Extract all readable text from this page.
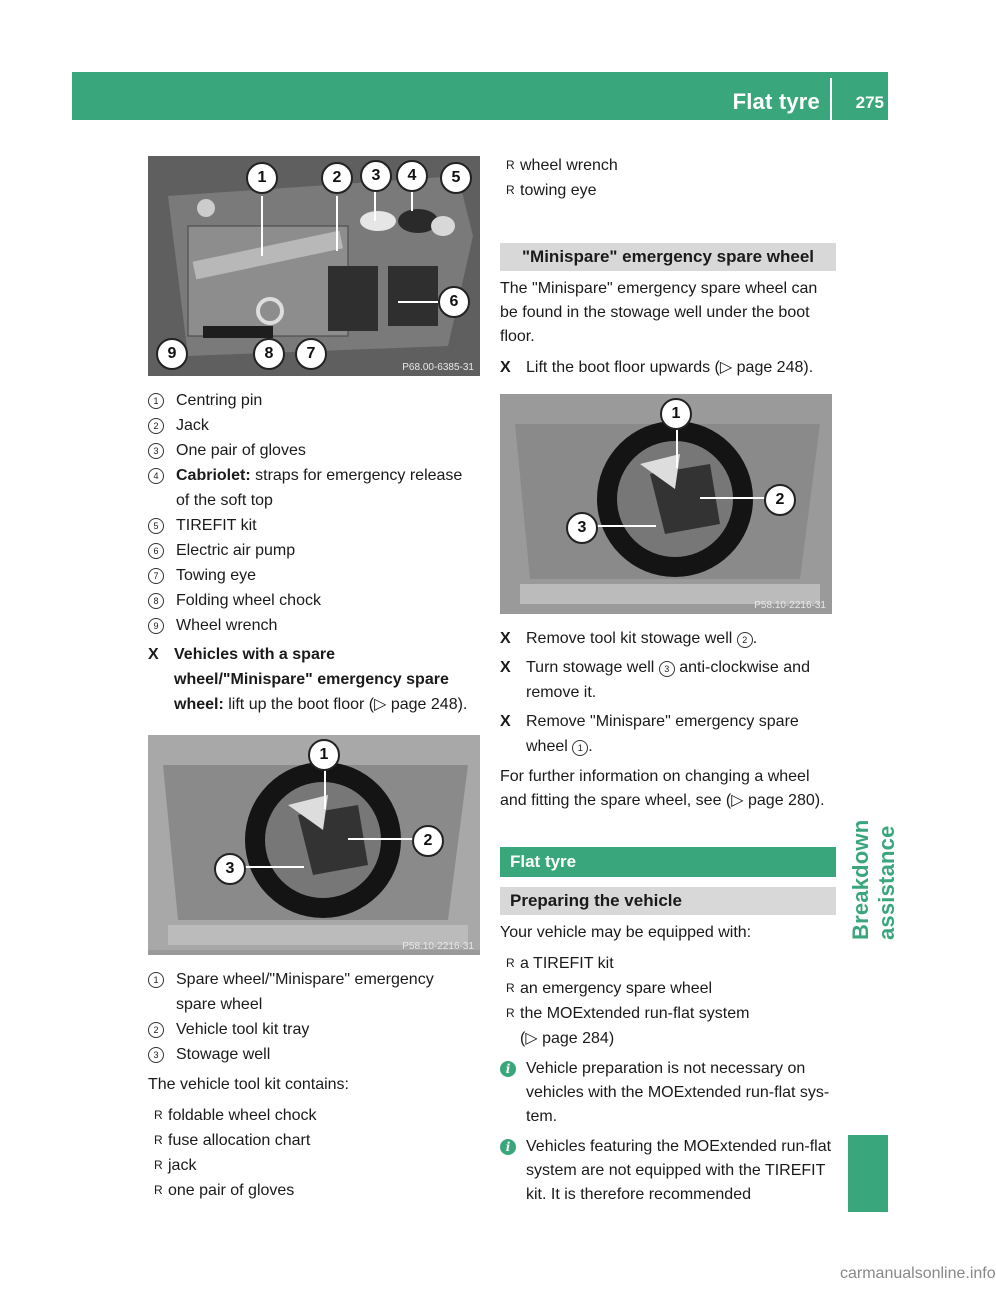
Flat tyre 275
Breakdown assistance
1	2	3	4	5
6
7
8
9
P68.00-6385-31
1	Centring pin
2	Jack
3	One pair of gloves
4	Cabriolet: straps for emergency release of the soft top
5	TIREFIT kit
6	Electric air pump
7	Towing eye
8	Folding wheel chock
9	Wheel wrench
X Vehicles with a spare wheel/"Minispare" emergency spare wheel: lift up the boot floor (▷ page 248).
1
2
3
P58.10-2216-31
1	Spare wheel/"Minispare" emergency spare wheel
2	Vehicle tool kit tray
3	Stowage well
The vehicle tool kit contains:
R foldable wheel chock
R fuse allocation chart
R jack
R one pair of gloves
R wheel wrench
R towing eye
"Minispare" emergency spare wheel
The "Minispare" emergency spare wheel can be found in the stowage well under the boot floor.
X Lift the boot floor upwards (▷ page 248).
1
2
3
P58.10-2216-31
X Remove tool kit stowage well 2 .
X Turn stowage well 3 anti-clockwise and remove it.
X Remove "Minispare" emergency spare wheel 1 .
For further information on changing a wheel and fitting the spare wheel, see (▷ page 280).
Flat tyre
Preparing the vehicle
Your vehicle may be equipped with:
R a TIREFIT kit
R an emergency spare wheel
R the MOExtended run-flat system
(▷ page 284)
i Vehicle preparation is not necessary on vehicles with the MOExtended run-flat sys-tem.
i Vehicles featuring the MOExtended run-flat system are not equipped with the TIREFIT kit. It is therefore recommended
carmanualsonline.info
